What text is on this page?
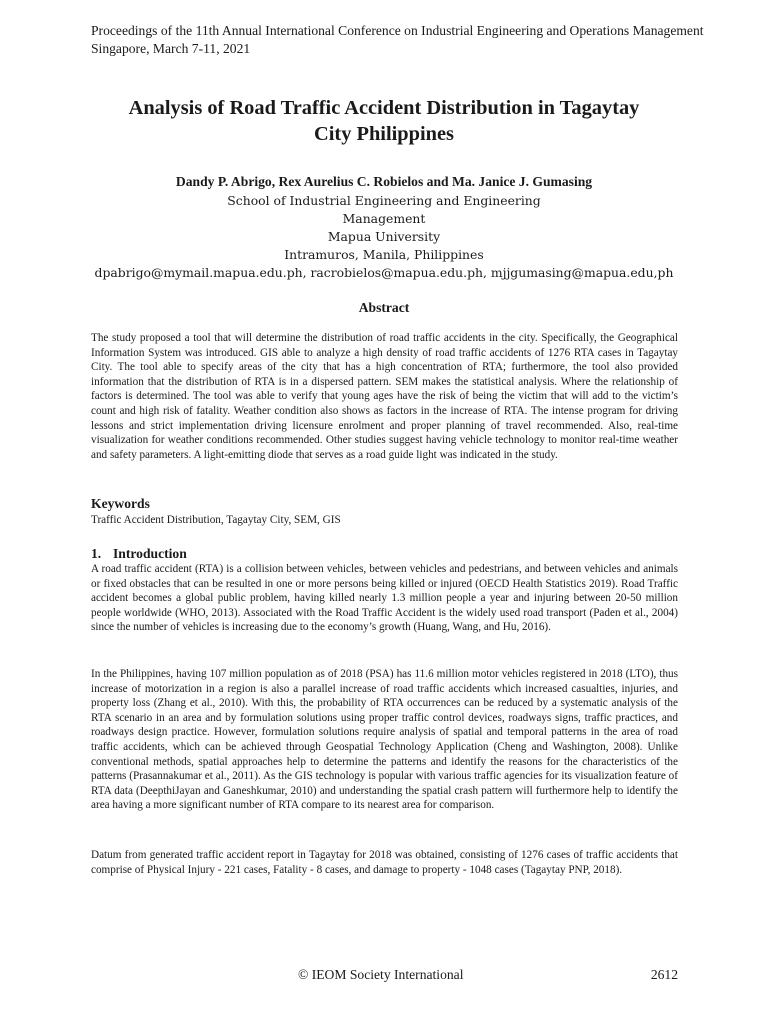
Proceedings of the 11th Annual International Conference on Industrial Engineering and Operations Management
Singapore, March 7-11, 2021
Analysis of Road Traffic Accident Distribution in Tagaytay
City Philippines
Dandy P. Abrigo, Rex Aurelius C. Robielos and Ma. Janice J. Gumasing
School of Industrial Engineering and Engineering
Management
Mapua University
Intramuros, Manila, Philippines
dpabrigo@mymail.mapua.edu.ph, racrobielos@mapua.edu.ph, mjjgumasing@mapua.edu,ph
Abstract
The study proposed a tool that will determine the distribution of road traffic accidents in the city. Specifically, the Geographical Information System was introduced. GIS able to analyze a high density of road traffic accidents of 1276 RTA cases in Tagaytay City. The tool able to specify areas of the city that has a high concentration of RTA; furthermore, the tool also provided information that the distribution of RTA is in a dispersed pattern. SEM makes the statistical analysis. Where the relationship of factors is determined. The tool was able to verify that young ages have the risk of being the victim that will add to the victim’s count and high risk of fatality. Weather condition also shows as factors in the increase of RTA. The intense program for driving lessons and strict implementation driving licensure enrolment and proper planning of travel recommended. Also, real-time visualization for weather conditions recommended. Other studies suggest having vehicle technology to monitor real-time weather and safety parameters. A light-emitting diode that serves as a road guide light was indicated in the study.
Keywords
Traffic Accident Distribution, Tagaytay City, SEM, GIS
1. Introduction
A road traffic accident (RTA) is a collision between vehicles, between vehicles and pedestrians, and between vehicles and animals or fixed obstacles that can be resulted in one or more persons being killed or injured (OECD Health Statistics 2019). Road Traffic accident becomes a global public problem, having killed nearly 1.3 million people a year and injuring between 20-50 million people worldwide (WHO, 2013). Associated with the Road Traffic Accident is the widely used road transport (Paden et al., 2004) since the number of vehicles is increasing due to the economy’s growth (Huang, Wang, and Hu, 2016).
In the Philippines, having 107 million population as of 2018 (PSA) has 11.6 million motor vehicles registered in 2018 (LTO), thus increase of motorization in a region is also a parallel increase of road traffic accidents which increased casualties, injuries, and property loss (Zhang et al., 2010). With this, the probability of RTA occurrences can be reduced by a systematic analysis of the RTA scenario in an area and by formulation solutions using proper traffic control devices, roadways signs, traffic practices, and roadways design practice. However, formulation solutions require analysis of spatial and temporal patterns in the area of road traffic accidents, which can be achieved through Geospatial Technology Application (Cheng and Washington, 2008). Unlike conventional methods, spatial approaches help to determine the patterns and identify the reasons for the characteristics of the patterns (Prasannakumar et al., 2011). As the GIS technology is popular with various traffic agencies for its visualization feature of RTA data (DeepthiJayan and Ganeshkumar, 2010) and understanding the spatial crash pattern will furthermore help to identify the area having a more significant number of RTA compare to its nearest area for comparison.
Datum from generated traffic accident report in Tagaytay for 2018 was obtained, consisting of 1276 cases of traffic accidents that comprise of Physical Injury - 221 cases, Fatality - 8 cases, and damage to property - 1048 cases (Tagaytay PNP, 2018).
© IEOM Society International	2612
